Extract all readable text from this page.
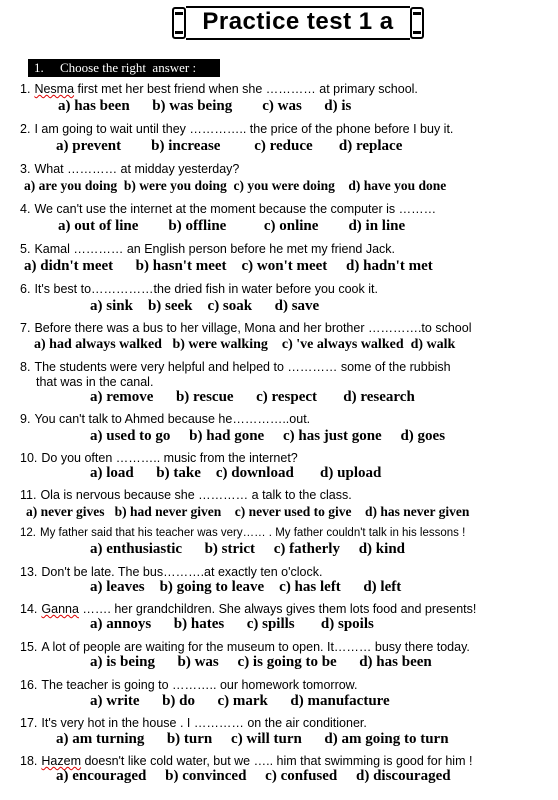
Practice test 1 a
1.     Choose the right  answer :
1. Nesma first met her best friend when she ………… at primary school.
a) has been b) was being c) was d) is
2. I am going to wait until they ………….. the price of the phone before I buy it.
a) prevent b) increase c) reduce d) replace
3. What ………… at midday yesterday?
a) are you doing b) were you doing c) you were doing d) have you done
4. We can't use the internet at the moment because the computer is ………
a) out of line b) offline	c) online d) in line
5. Kamal ………… an English person before he met my friend Jack.
a) didn't meet b) hasn't meet c) won't meet d) hadn't met
6. It's best to……………the dried fish in water before you cook it.
a) sink b) seek c) soak d) save
7. Before there was a bus to her village, Mona and her brother ………….to school
a) had always walked b) were walking c) 've always walked d) walk
8. The students were very helpful and helped to ………… some of the rubbish
that was in the canal.
a) remove b) rescue c) respect d) research
9. You can't talk to Ahmed because he…………..out.
a) used to go b) had gone c) has just gone d) goes
10. Do you often ……….. music from the internet?
a) load b) take c) download d) upload
11. Ola is nervous because she ………… a talk to the class.
a) never gives b) had never given c) never used to give d) has never given
12. My father said that his teacher was very…… . My father couldn't talk in his lessons !
a) enthusiastic b) strict c) fatherly d) kind
13. Don't be late. The bus……….at exactly ten o'clock.
a) leaves b) going to leave c) has left d) left
14. Ganna ……. her grandchildren. She always gives them lots food and presents!
a) annoys b) hates c) spills d) spoils
15. A lot of people are waiting for the museum to open. It……… busy there today.
a) is being b) was c) is going to be d) has been
16. The teacher is going to ……….. our homework tomorrow.
a) write b) do c) mark d) manufacture
17. It's very hot in the house . I ………… on the air conditioner.
a) am turning b) turn c) will turn d) am going to turn
18. Hazem doesn't like cold water, but we ….. him that swimming is good for him !
a) encouraged b) convinced c) confused d) discouraged
